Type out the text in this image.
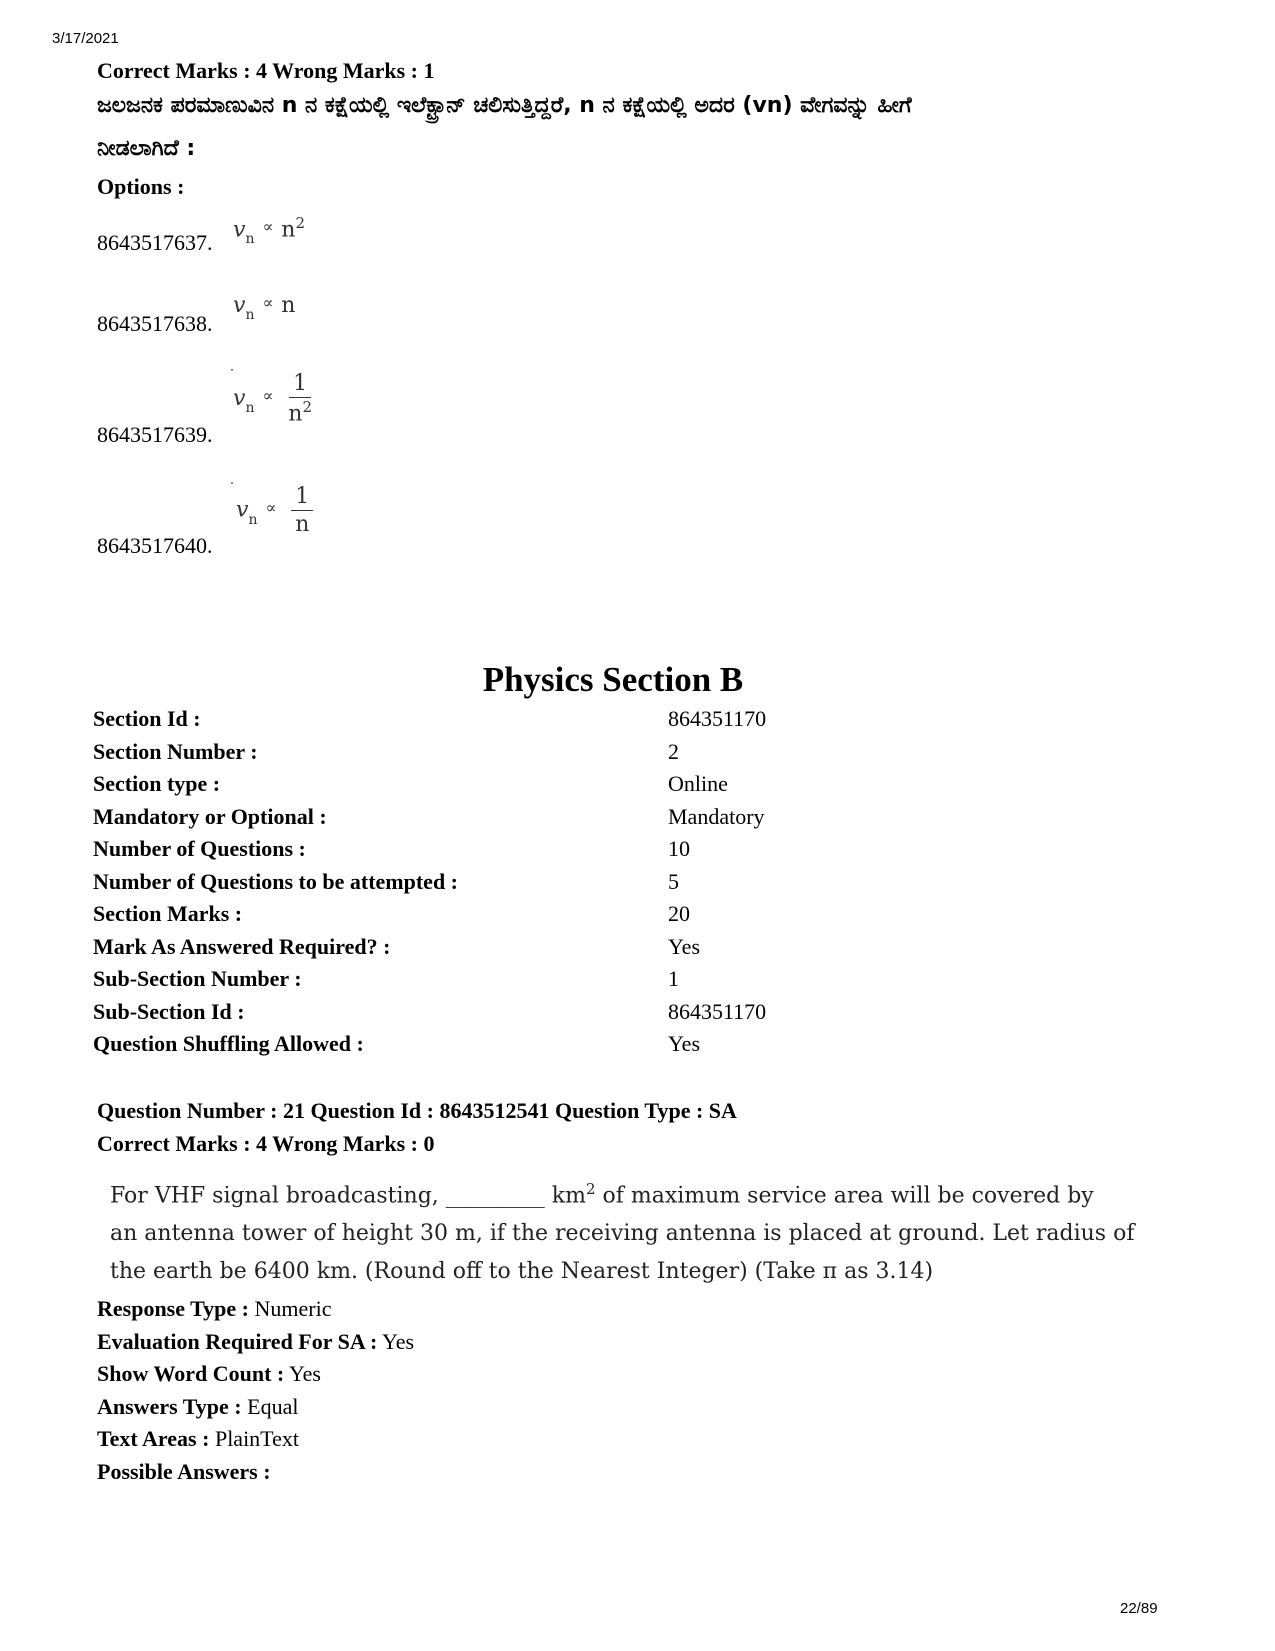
3/17/2021
Correct Marks : 4 Wrong Marks : 1
ಜಲಜನಕ ಪರಮಾಣುವಿನ n ನ ಕಕ್ಷೆಯಲ್ಲಿ ಇಲೆಕ್ಟ್ರಾನ್ ಚಲಿಸುತ್ತಿದ್ದರೆ, n ನ ಕಕ್ಷೆಯಲ್ಲಿ ಅದರ (vn) ವೇಗವನ್ನು ಹೀಗೆ
ನೀಡಲಾಗಿದೆ :
Options :
8643517637.
$v_n\propto n^2$
8643517638.
$v_n\propto n$
8643517639.
$v_n\propto \frac{1}{n^2}$
8643517640.
$v_n\propto \frac{1}{n}$
Physics Section B
Section Id :	864351170
Section Number :	2
Section type :	Online
Mandatory or Optional :	Mandatory
Number of Questions :	10
Number of Questions to be attempted :	5
Section Marks :	20
Mark As Answered Required? :	Yes
Sub-Section Number :	1
Sub-Section Id :	864351170
Question Shuffling Allowed :	Yes
Question Number : 21 Question Id : 8643512541 Question Type : SA
Correct Marks : 4 Wrong Marks : 0
For VHF signal broadcasting, _________ $km^2$ of maximum service area will be covered by
an antenna tower of height 30 m, if the receiving antenna is placed at ground. Let radius of
the earth be 6400 km. (Round off to the Nearest Integer) (Take π as 3.14)
Response Type : Numeric
Evaluation Required For SA : Yes
Show Word Count : Yes
Answers Type : Equal
Text Areas : PlainText
Possible Answers :
22/89
